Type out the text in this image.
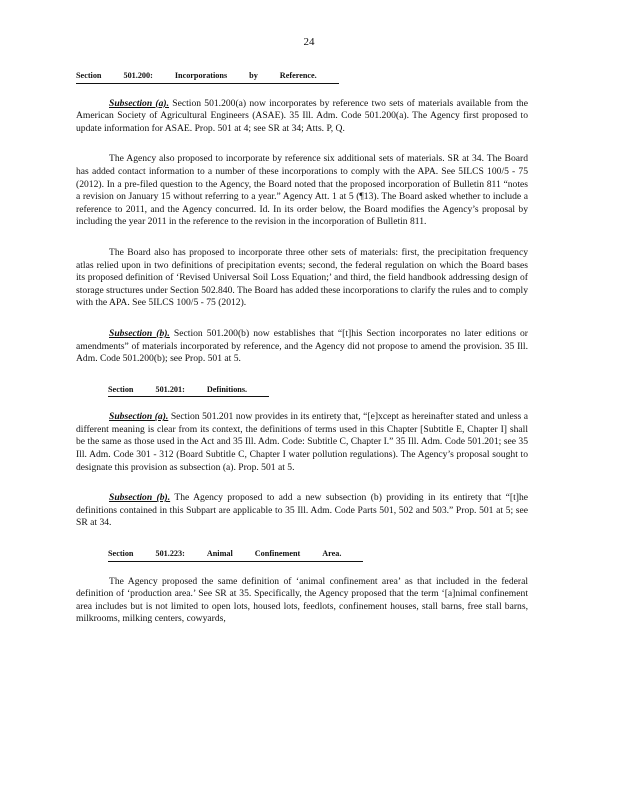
24
Section	501.200:	Incorporations	by	Reference.

Subsection (a). Section 501.200(a) now incorporates by reference two sets of materials available from the American Society of Agricultural Engineers (ASAE). 35 Ill. Adm. Code 501.200(a). The Agency first proposed to update information for ASAE. Prop. 501 at 4; see SR at 34; Atts. P, Q.

The Agency also proposed to incorporate by reference six additional sets of materials. SR at 34. The Board has added contact information to a number of these incorporations to comply with the APA. See 5ILCS 100/5 - 75 (2012). In a pre-filed question to the Agency, the Board noted that the proposed incorporation of Bulletin 811 “notes a revision on January 15 without referring to a year.” Agency Att. 1 at 5 (¶13). The Board asked whether to include a reference to 2011, and the Agency concurred. Id. In its order below, the Board modifies the Agency’s proposal by including the year 2011 in the reference to the revision in the incorporation of Bulletin 811.

The Board also has proposed to incorporate three other sets of materials: first, the precipitation frequency atlas relied upon in two definitions of precipitation events; second, the federal regulation on which the Board bases its proposed definition of ‘Revised Universal Soil Loss Equation;’ and third, the field handbook addressing design of storage structures under Section 502.840. The Board has added these incorporations to clarify the rules and to comply with the APA. See 5ILCS 100/5 - 75 (2012).

Subsection (b). Section 501.200(b) now establishes that “[t]his Section incorporates no later editions or amendments” of materials incorporated by reference, and the Agency did not propose to amend the provision. 35 Ill. Adm. Code 501.200(b); see Prop. 501 at 5.

Section	501.201:	Definitions.

Subsection (a). Section 501.201 now provides in its entirety that, “[e]xcept as hereinafter stated and unless a different meaning is clear from its context, the definitions of terms used in this Chapter [Subtitle E, Chapter I] shall be the same as those used in the Act and 35 Ill. Adm. Code: Subtitle C, Chapter I.” 35 Ill. Adm. Code 501.201; see 35 Ill. Adm. Code 301 - 312 (Board Subtitle C, Chapter I water pollution regulations). The Agency’s proposal sought to designate this provision as subsection (a). Prop. 501 at 5.

Subsection (b). The Agency proposed to add a new subsection (b) providing in its entirety that “[t]he definitions contained in this Subpart are applicable to 35 Ill. Adm. Code Parts 501, 502 and 503.” Prop. 501 at 5; see SR at 34.

Section	501.223:	Animal	Confinement	Area.

The Agency proposed the same definition of ‘animal confinement area’ as that included in the federal definition of ‘production area.’ See SR at 35. Specifically, the Agency proposed that the term ‘[a]nimal confinement area includes but is not limited to open lots, housed lots, feedlots, confinement houses, stall barns, free stall barns, milkrooms, milking centers, cowyards,
